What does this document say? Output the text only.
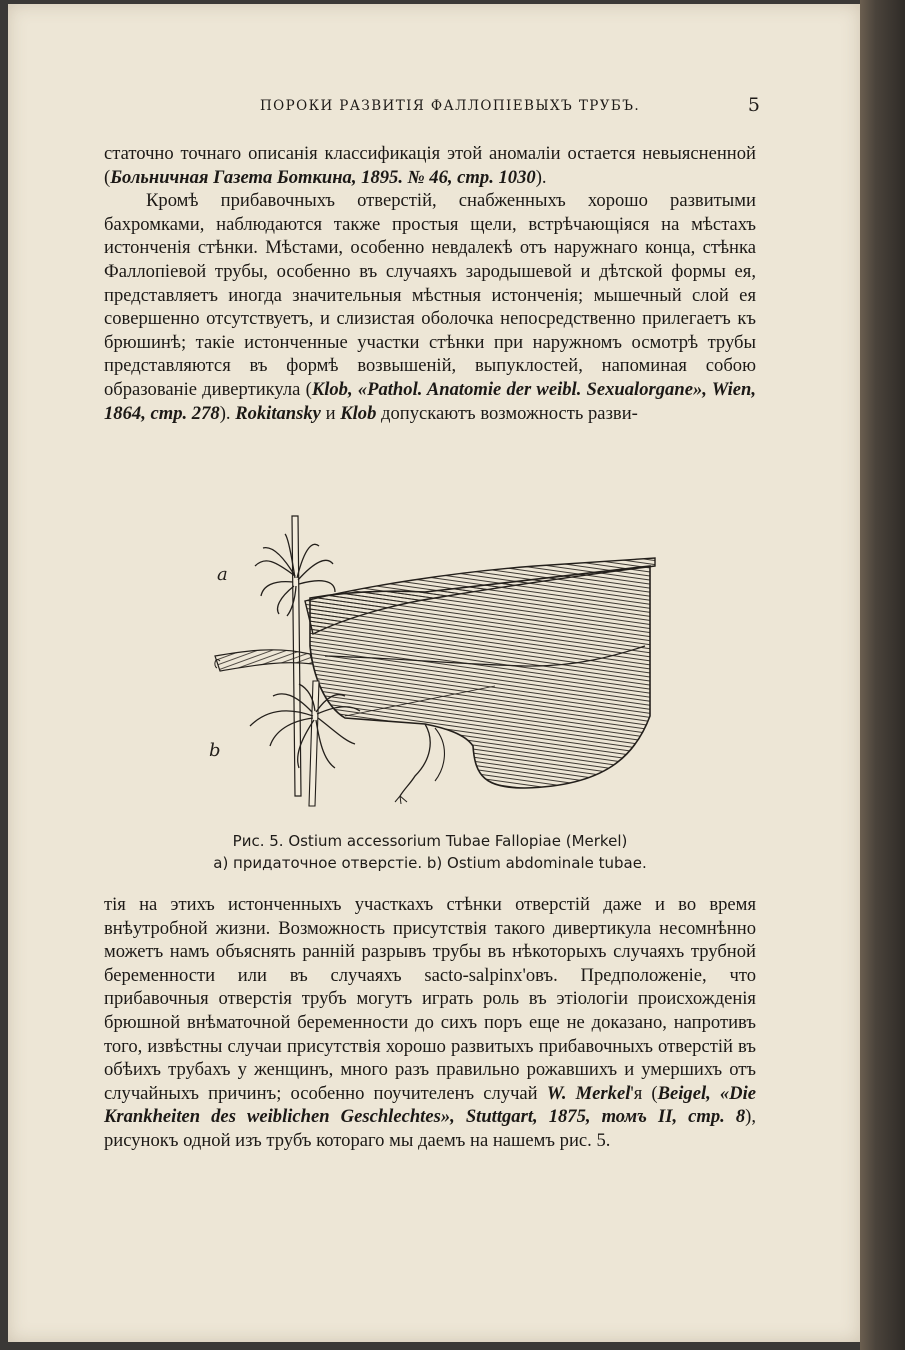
ПОРОКИ РАЗВИТІЯ ФАЛЛОПІЕВЫХЪ ТРУБЪ.	5

статочно точнаго описанія классификація этой аномаліи остается невыясненной (Больничная Газета Боткина, 1895. № 46, стр. 1030).

Кромѣ прибавочныхъ отверстій, снабженныхъ хорошо развитыми бахромками, наблюдаются также простыя щели, встрѣчающіяся на мѣстахъ истонченія стѣнки. Мѣстами, особенно невдалекѣ отъ наружнаго конца, стѣнка Фаллопіевой трубы, особенно въ случаяхъ зародышевой и дѣтской формы ея, представляетъ иногда значительныя мѣстныя истонченія; мышечный слой ея совершенно отсутствуетъ, и слизистая оболочка непосредственно прилегаетъ къ брюшинѣ; такіе истонченные участки стѣнки при наружномъ осмотрѣ трубы представляются въ формѣ возвышеній, выпуклостей, напоминая собою образованіе дивертикула (Klob, «Pathol. Anatomie der weibl. Sexualorgane», Wien, 1864, стр. 278). Rokitansky и Klob допускаютъ возможность разви-

a
b
Рис. 5. Ostium accessorium Tubae Fallopiae (Merkel)
а) придаточное отверстіе. b) Ostium abdominale tubae.

тія на этихъ истонченныхъ участкахъ стѣнки отверстій даже и во время внѣутробной жизни. Возможность присутствія такого дивертикула несомнѣнно можетъ намъ объяснять ранній разрывъ трубы въ нѣкоторыхъ случаяхъ трубной беременности или въ случаяхъ sacto-salpinx'овъ. Предположеніе, что прибавочныя отверстія трубъ могутъ играть роль въ этіологіи происхожденія брюшной внѣматочной беременности до сихъ поръ еще не доказано, напротивъ того, извѣстны случаи присутствія хорошо развитыхъ прибавочныхъ отверстій въ обѣихъ трубахъ у женщинъ, много разъ правильно рожавшихъ и умершихъ отъ случайныхъ причинъ; особенно поучителенъ случай W. Merkel'я (Beigel, «Die Krankheiten des weiblichen Geschlechtes», Stuttgart, 1875, томъ II, стр. 8), рисунокъ одной изъ трубъ котораго мы даемъ на нашемъ рис. 5.
